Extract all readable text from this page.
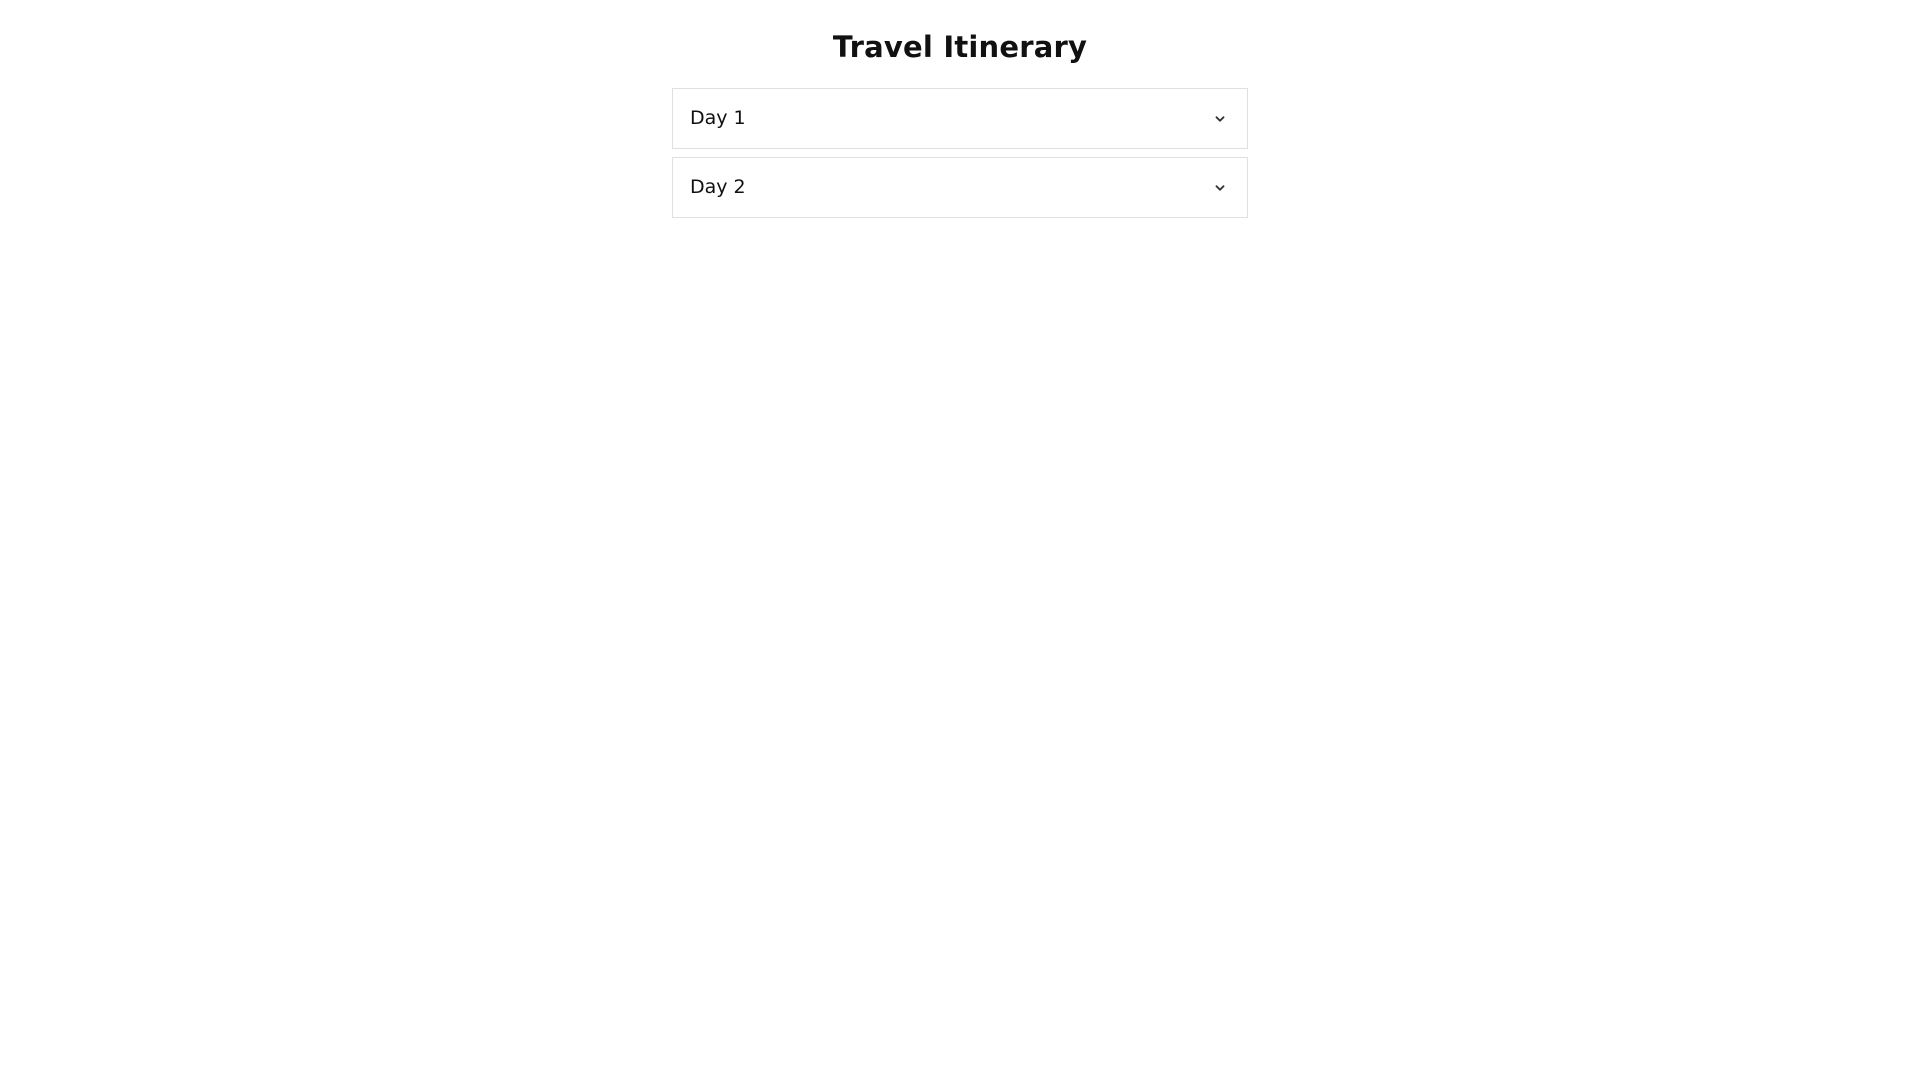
Travel Itinerary
Day 1
Day 2
